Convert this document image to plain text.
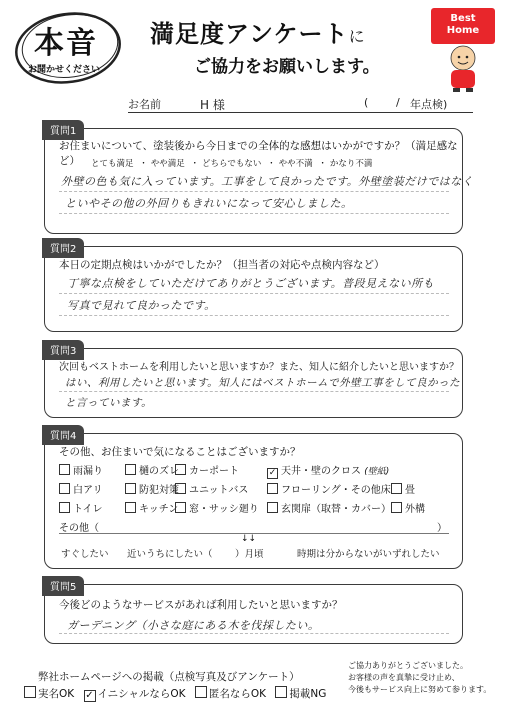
本音
お聞かせください
満足度アンケートに
ご協力をお願いします。
Best
Home
お名前	H 様	(	/ 年点検)
質問1
お住まいについて、塗装後から今日までの全体的な感想はいかがですか？（満足感など）	とても満足 ・ やや満足 ・ どちらでもない ・ やや不満 ・ かなり不満
外壁の色も気に入っています。工事をして良かったです。外壁塗装だけではなく
といやその他の外回りもきれいになって安心しました。
質問2
本日の定期点検はいかがでしたか？（担当者の対応や点検内容など）
丁寧な点検をしていただけてありがとうございます。普段見えない所も
写真で見れて良かったです。
質問3
次回もベストホームを利用したいと思いますか？また、知人に紹介したいと思いますか？
はい、利用したいと思います。知人にはベストホームで外壁工事をして良かった
と言っています。
質問4
その他、お住まいで気になることはございますか？
雨漏り	樋のズレ	カーポート	✓ 天井・壁のクロス (壁紙)
白アリ	防犯対策	ユニットバス	フローリング・その他床	畳
トイレ	キッチン	窓・サッシ廻り	玄関扉（取替・カバー）	外構
その他（	）
↓↓
すぐしたい 近いうちにしたい（ ）月頃	時期は分からないがいずれしたい
質問5
今後どのようなサービスがあれば利用したいと思いますか？
ガーデニング（小さな庭にある木を伐採したい。
弊社ホームページへの掲載（点検写真及びアンケート）
実名OK ✓ イニシャルならOK 匿名ならOK 掲載NG
ご協力ありがとうございました。
お客様の声を真摯に受け止め、
今後もサービス向上に努めて参ります。
